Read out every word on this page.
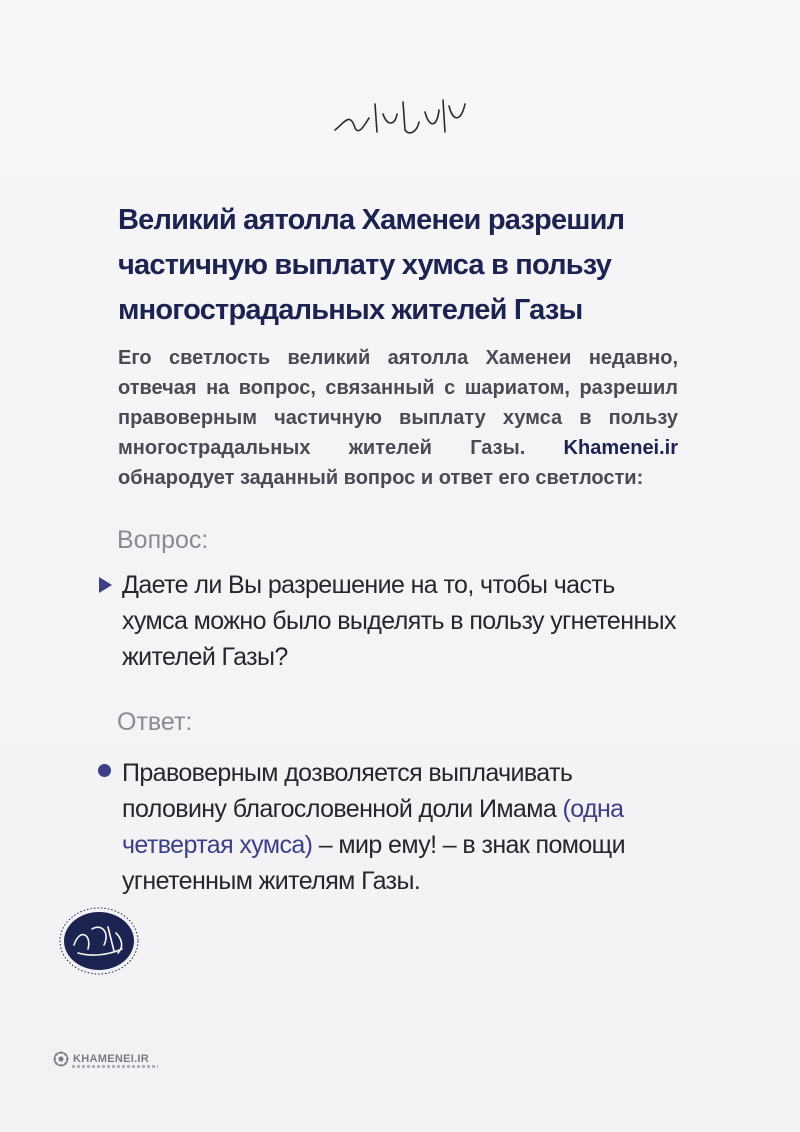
Великий аятолла Хаменеи разрешил
частичную выплату хумса в пользу
многострадальных жителей Газы

Его светлость великий аятолла Хаменеи недавно, отвечая на вопрос, связанный с шариатом, разрешил правоверным частичную выплату хумса в пользу многострадальных жителей Газы. Khamenei.ir обнародует заданный вопрос и ответ его светлости:

Вопрос:

Даете ли Вы разрешение на то, чтобы часть хумса можно было выделять в пользу угнетенных жителей Газы?

Ответ:

Правоверным дозволяется выплачивать половину благословенной доли Имама (одна четвертая хумса) – мир ему! – в знак помощи угнетенным жителям Газы.

KHAMENEI.IR
